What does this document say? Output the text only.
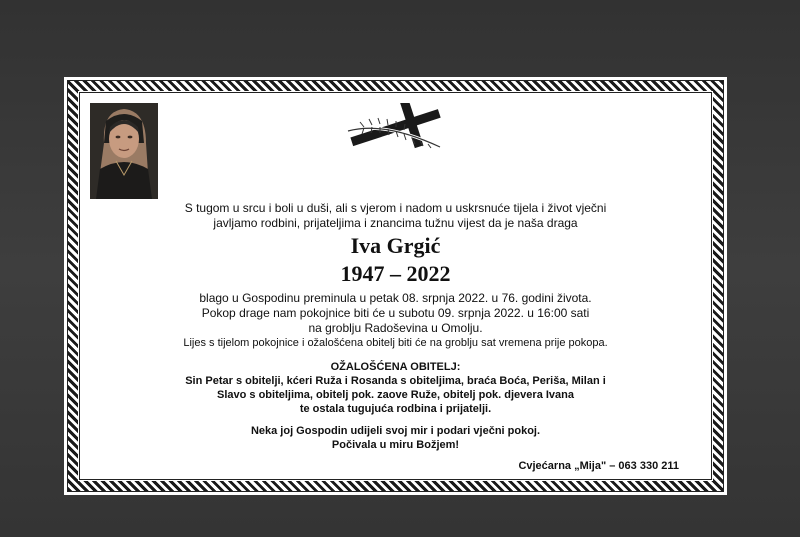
S tugom u srcu i boli u duši, ali s vjerom i nadom u uskrsnuće tijela i život vječni
javljamo rodbini, prijateljima i znancima tužnu vijest da je naša draga
Iva Grgić
1947 – 2022
blago u Gospodinu preminula u petak 08. srpnja 2022. u 76. godini života.
Pokop drage nam pokojnice biti će u subotu 09. srpnja 2022. u 16:00 sati
na groblju Radoševina u Omolju.
Lijes s tijelom pokojnice i ožalošćena obitelj biti će na groblju sat vremena prije pokopa.
OŽALOŠĆENA OBITELJ:
Sin Petar s obitelji, kćeri Ruža i Rosanda s obiteljima, braća Boća, Periša, Milan i
Slavo s obiteljima, obitelj pok. zaove Ruže, obitelj pok. djevera Ivana
te ostala tugujuća rodbina i prijatelji.
Neka joj Gospodin udijeli svoj mir i podari vječni pokoj.
Počivala u miru Božjem!
Cvjećarna „Mija" – 063 330 211
